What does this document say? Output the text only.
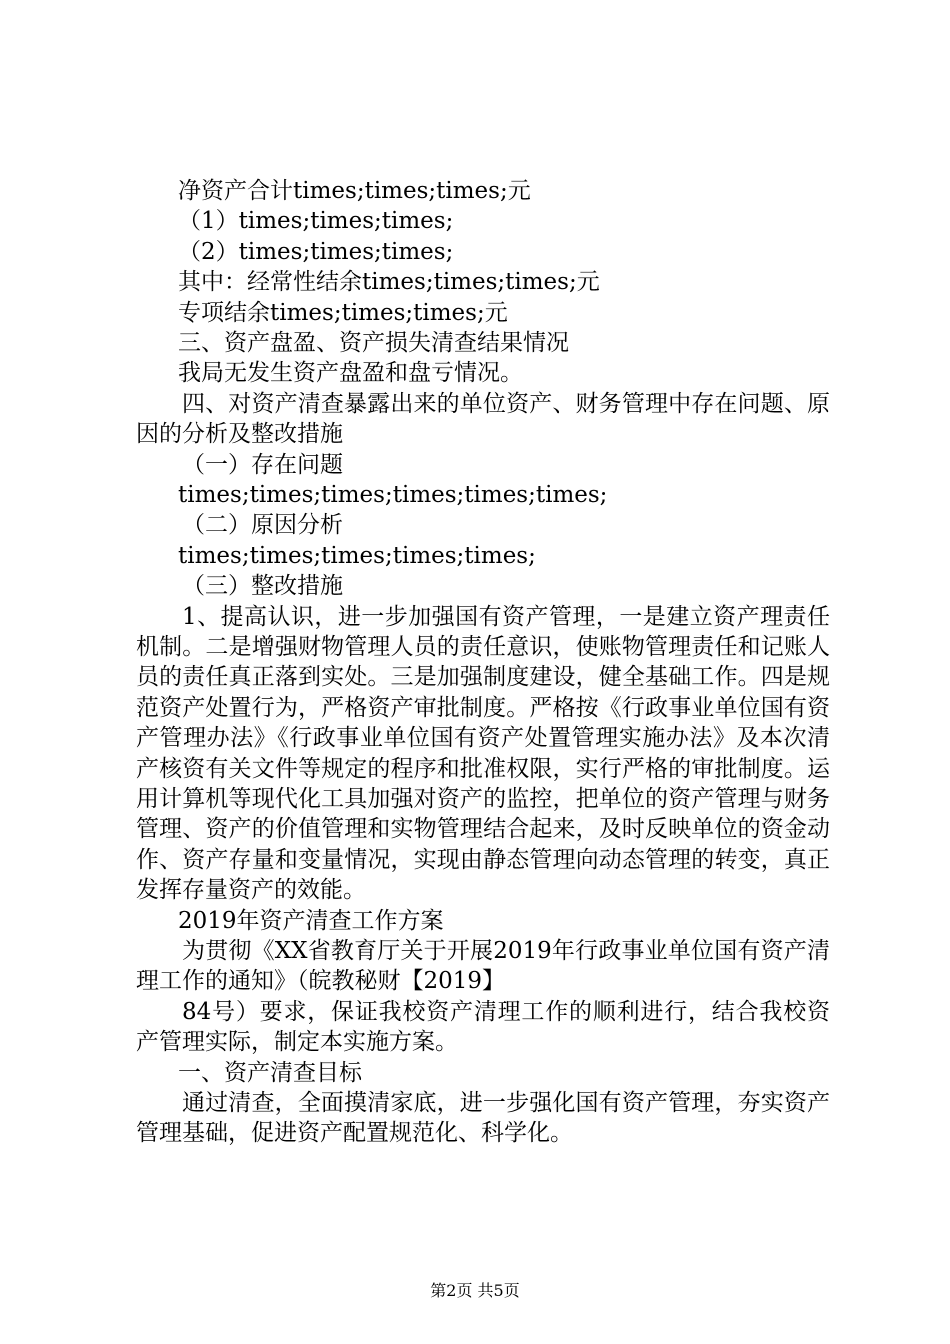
净资产合计times;times;times;元
（1）times;times;times;
（2）times;times;times;
其中：经常性结余times;times;times;元
专项结余times;times;times;元
三、资产盘盈、资产损失清查结果情况
我局无发生资产盘盈和盘亏情况。

四、对资产清查暴露出来的单位资产、财务管理中存在问题、原因的分析及整改措施

（一）存在问题
times;times;times;times;times;times;
（二）原因分析
times;times;times;times;times;
（三）整改措施

1、提高认识，进一步加强国有资产管理，一是建立资产理责任机制。二是增强财物管理人员的责任意识，使账物管理责任和记账人员的责任真正落到实处。三是加强制度建设，健全基础工作。四是规范资产处置行为，严格资产审批制度。严格按《行政事业单位国有资产管理办法》《行政事业单位国有资产处置管理实施办法》及本次清产核资有关文件等规定的程序和批准权限，实行严格的审批制度。运用计算机等现代化工具加强对资产的监控，把单位的资产管理与财务管理、资产的价值管理和实物管理结合起来，及时反映单位的资金动作、资产存量和变量情况，实现由静态管理向动态管理的转变，真正发挥存量资产的效能。

2019年资产清查工作方案

为贯彻《XX省教育厅关于开展2019年行政事业单位国有资产清理工作的通知》（皖教秘财【2019】

84号）要求，保证我校资产清理工作的顺利进行，结合我校资产管理实际，制定本实施方案。

一、资产清查目标

通过清查，全面摸清家底，进一步强化国有资产管理，夯实资产管理基础，促进资产配置规范化、科学化。

第2页 共5页
